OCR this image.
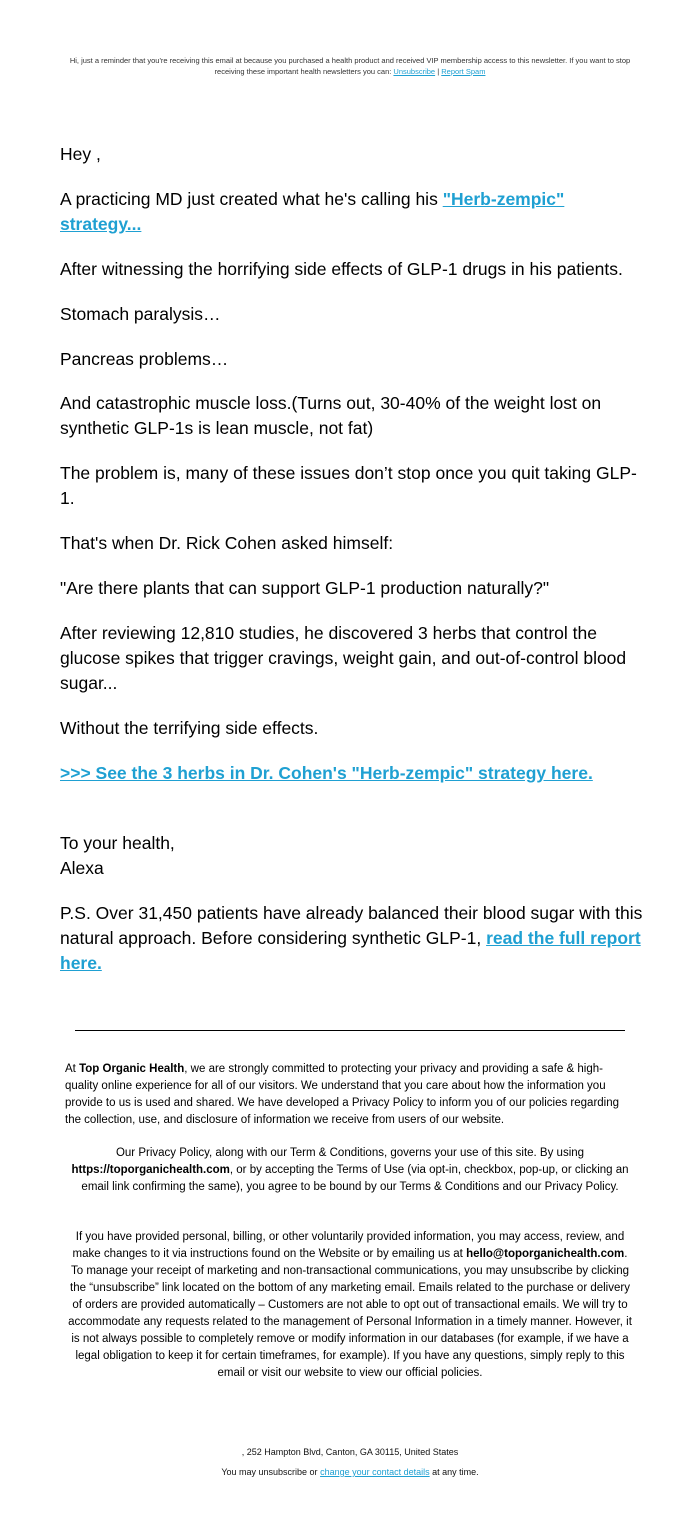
Hi, just a reminder that you're receiving this email at because you purchased a health product and received VIP membership access to this newsletter. If you want to stop receiving these important health newsletters you can: Unsubscribe | Report Spam

Hey ,

A practicing MD just created what he's calling his "Herb-zempic" strategy...

After witnessing the horrifying side effects of GLP-1 drugs in his patients.

Stomach paralysis…

Pancreas problems…

And catastrophic muscle loss.(Turns out, 30-40% of the weight lost on synthetic GLP-1s is lean muscle, not fat)

The problem is, many of these issues don’t stop once you quit taking GLP-1.

That's when Dr. Rick Cohen asked himself:

"Are there plants that can support GLP-1 production naturally?"

After reviewing 12,810 studies, he discovered 3 herbs that control the glucose spikes that trigger cravings, weight gain, and out-of-control blood sugar...

Without the terrifying side effects.

>>> See the 3 herbs in Dr. Cohen's "Herb-zempic" strategy here.

To your health,

Alexa

P.S. Over 31,450 patients have already balanced their blood sugar with this natural approach. Before considering synthetic GLP-1, read the full report here.

At Top Organic Health, we are strongly committed to protecting your privacy and providing a safe & high-quality online experience for all of our visitors. We understand that you care about how the information you provide to us is used and shared. We have developed a Privacy Policy to inform you of our policies regarding the collection, use, and disclosure of information we receive from users of our website.

Our Privacy Policy, along with our Term & Conditions, governs your use of this site. By using https://toporganichealth.com, or by accepting the Terms of Use (via opt-in, checkbox, pop-up, or clicking an email link confirming the same), you agree to be bound by our Terms & Conditions and our Privacy Policy.

If you have provided personal, billing, or other voluntarily provided information, you may access, review, and make changes to it via instructions found on the Website or by emailing us at hello@toporganichealth.com. To manage your receipt of marketing and non-transactional communications, you may unsubscribe by clicking the “unsubscribe” link located on the bottom of any marketing email. Emails related to the purchase or delivery of orders are provided automatically – Customers are not able to opt out of transactional emails. We will try to accommodate any requests related to the management of Personal Information in a timely manner. However, it is not always possible to completely remove or modify information in our databases (for example, if we have a legal obligation to keep it for certain timeframes, for example). If you have any questions, simply reply to this email or visit our website to view our official policies.

, 252 Hampton Blvd, Canton, GA 30115, United States
You may unsubscribe or change your contact details at any time.
